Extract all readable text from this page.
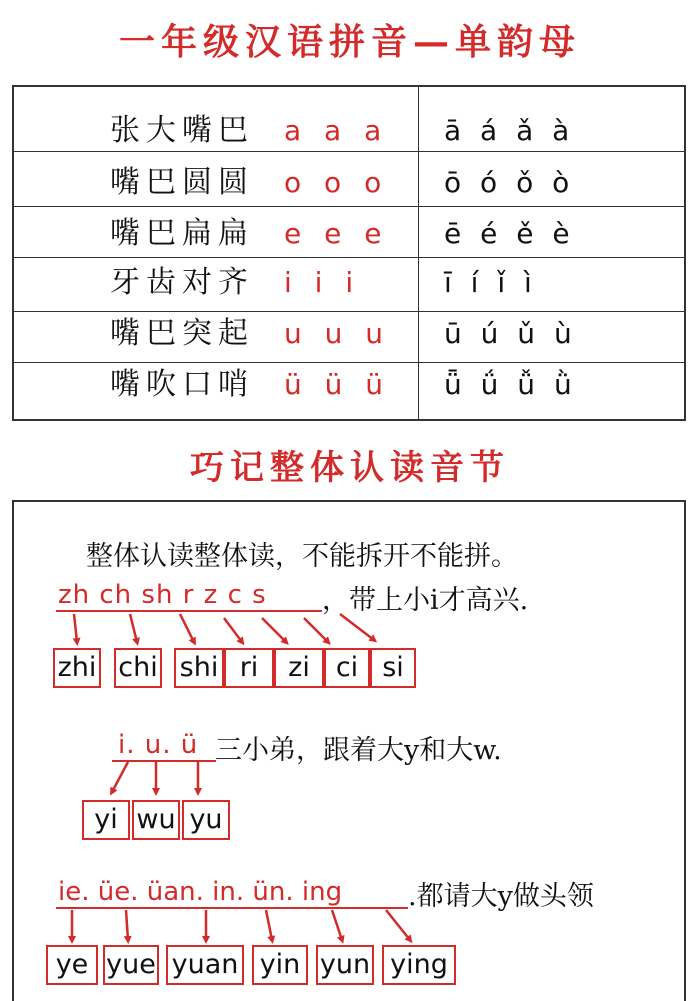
一年级汉语拼音—单韵母
张大嘴巴 a a a ā á ǎ à
嘴巴圆圆 o o o ō ó ǒ ò
嘴巴扁扁 e e e ē é ě è
牙齿对齐 i i i	ī í ǐ ì
嘴巴突起 u u u ū ú ǔ ù
嘴吹口哨 ü ü ü ǖ ǘ ǚ ǜ
巧记整体认读音节
整体认读整体读，不能拆开不能拼。
zh ch sh r z c s ，带上小i才高兴.
zhi chi shi ri	zi ci si
i. u. ü 三小弟，跟着大y和大w.
yi wu yu
ie. üe. üan. in. ün. ing .都请大y做头领
ye yue yuan yin yun ying
